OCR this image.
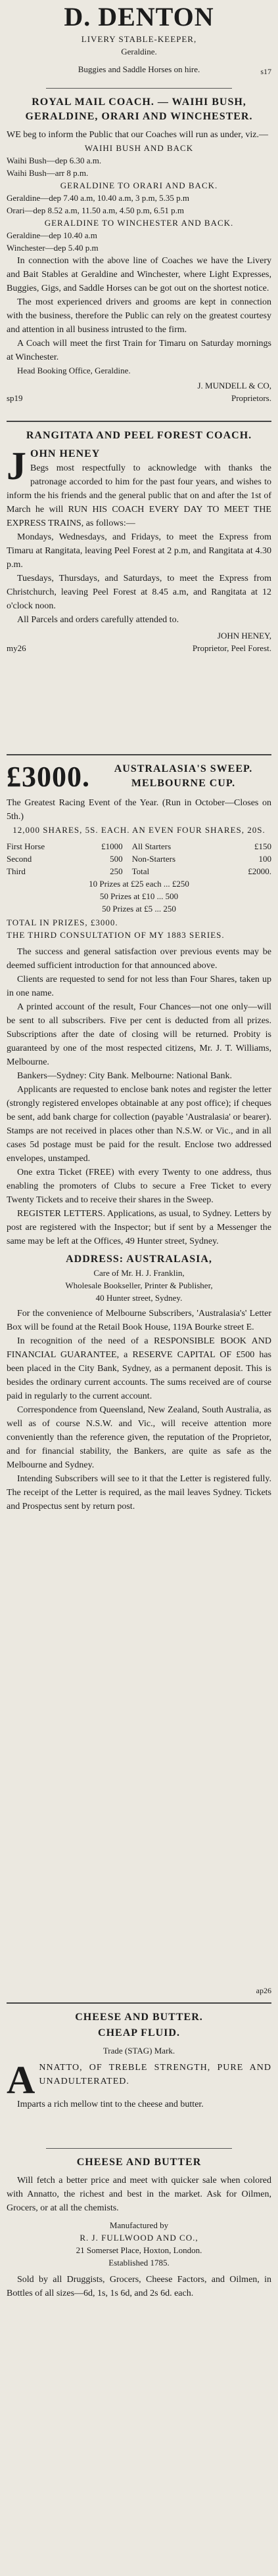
D. DENTON
LIVERY STABLE-KEEPER,
Geraldine.
Buggies and Saddle Horses on hire.	s17
ROYAL MAIL COACH. — WAIHI BUSH, GERALDINE, ORARI AND WINCHESTER.
WE beg to inform the Public that our Coaches will run as under, viz.—
WAIHI BUSH AND BACK
Waihi Bush—dep 6.30 a.m.
Waihi Bush—arr 8 p.m.
GERALDINE TO ORARI AND BACK.
Geraldine—dep 7.40 a.m, 10.40 a.m, 3 p.m, 5.35 p.m
Orari—dep 8.52 a.m, 11.50 a.m, 4.50 p.m, 6.51 p.m
GERALDINE TO WINCHESTER AND BACK.
Geraldine—dep 10.40 a.m
Winchester—dep 5.40 p.m
In connection with the above line of Coaches we have the Livery and Bait Stables at Geraldine and Winchester, where Light Expresses, Buggies, Gigs, and Saddle Horses can be got out on the shortest notice.
The most experienced drivers and grooms are kept in connection with the business, therefore the Public can rely on the greatest courtesy and attention in all business intrusted to the firm.
A Coach will meet the first Train for Timaru on Saturday mornings at Winchester.
Head Booking Office, Geraldine.
J. MUNDELL & CO,
sp19	Proprietors.
RANGITATA AND PEEL FOREST COACH.
J OHN HENEY
Begs most respectfully to acknowledge with thanks the patronage accorded to him for the past four years, and wishes to inform the his friends and the general public that on and after the 1st of March he will RUN HIS COACH EVERY DAY TO MEET THE EXPRESS TRAINS, as follows:—
Mondays, Wednesdays, and Fridays, to meet the Express from Timaru at Rangitata, leaving Peel Forest at 2 p.m, and Rangitata at 4.30 p.m.
Tuesdays, Thursdays, and Saturdays, to meet the Express from Christchurch, leaving Peel Forest at 8.45 a.m, and Rangitata at 12 o'clock noon.
All Parcels and orders carefully attended to.
JOHN HENEY,
my26	Proprietor, Peel Forest.
£3000.	AUSTRALASIA'S SWEEP.
MELBOURNE CUP.
The Greatest Racing Event of the Year. (Run in October—Closes on 5th.)
12,000 SHARES, 5S. EACH. AN EVEN FOUR SHARES, 20S.
First Horse	£1000	All Starters	£150
Second	500	Non-Starters	100
Third	250	Total	£2000.
10 Prizes at £25 each ... £250
50 Prizes at £10 ... 500
50 Prizes at £5 ... 250
TOTAL IN PRIZES, £3000.
THE THIRD CONSULTATION OF MY 1883 SERIES.
The success and general satisfaction over previous events may be deemed sufficient introduction for that announced above.
Clients are requested to send for not less than Four Shares, taken up in one name.
A printed account of the result, Four Chances—not one only—will be sent to all subscribers. Five per cent is deducted from all prizes. Subscriptions after the date of closing will be returned. Probity is guaranteed by one of the most respected citizens, Mr. J. T. Williams, Melbourne.
Bankers—Sydney: City Bank. Melbourne: National Bank.
Applicants are requested to enclose bank notes and register the letter (strongly registered envelopes obtainable at any post office); if cheques be sent, add bank charge for collection (payable 'Australasia' or bearer). Stamps are not received in places other than N.S.W. or Vic., and in all cases 5d postage must be paid for the result. Enclose two addressed envelopes, unstamped.
One extra Ticket (FREE) with every Twenty to one address, thus enabling the promoters of Clubs to secure a Free Ticket to every Twenty Tickets and to receive their shares in the Sweep.
REGISTER LETTERS. Applications, as usual, to Sydney. Letters by post are registered with the Inspector; but if sent by a Messenger the same may be left at the Offices, 49 Hunter street, Sydney.
ADDRESS: AUSTRALASIA,
Care of Mr. H. J. Franklin,
Wholesale Bookseller, Printer & Publisher,
40 Hunter street, Sydney.
For the convenience of Melbourne Subscribers, 'Australasia's' Letter Box will be found at the Retail Book House, 119A Bourke street E.
In recognition of the need of a RESPONSIBLE BOOK AND FINANCIAL GUARANTEE, a RESERVE CAPITAL OF £500 has been placed in the City Bank, Sydney, as a permanent deposit. This is besides the ordinary current accounts. The sums received are of course paid in regularly to the current account.
Correspondence from Queensland, New Zealand, South Australia, as well as of course N.S.W. and Vic., will receive attention more conveniently than the reference given, the reputation of the Proprietor, and for financial stability, the Bankers, are quite as safe as the Melbourne and Sydney.
Intending Subscribers will see to it that the Letter is registered fully. The receipt of the Letter is required, as the mail leaves Sydney. Tickets and Prospectus sent by return post.
ap26
CHEESE AND BUTTER.
CHEAP FLUID.
Trade (STAG) Mark.
A NNATTO, OF TREBLE STRENGTH, PURE AND UNADULTERATED.
Imparts a rich mellow tint to the cheese and butter.
CHEESE AND BUTTER
Will fetch a better price and meet with quicker sale when colored with Annatto, the richest and best in the market. Ask for Oilmen, Grocers, or at all the chemists.
Manufactured by
R. J. FULLWOOD AND CO.,
21 Somerset Place, Hoxton, London.
Established 1785.
Sold by all Druggists, Grocers, Cheese Factors, and Oilmen, in Bottles of all sizes—6d, 1s, 1s 6d, and 2s 6d. each.
